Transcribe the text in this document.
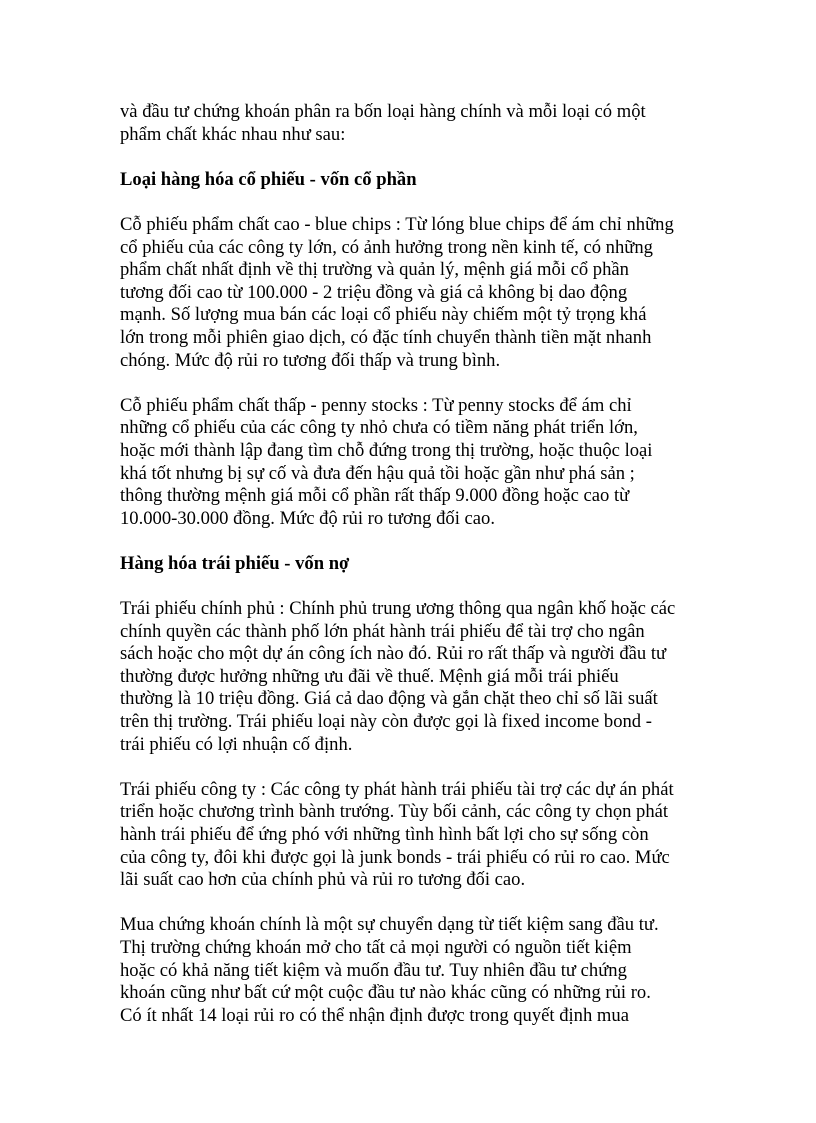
và đầu tư chứng khoán phân ra bốn loại hàng chính và mỗi loại có một
phẩm chất khác nhau như sau:

Loại hàng hóa cổ phiếu - vốn cổ phần

Cỗ phiếu phẩm chất cao - blue chips : Từ lóng blue chips để ám chỉ những
cổ phiếu của các công ty lớn, có ảnh hưởng trong nền kinh tế, có những
phẩm chất nhất định về thị trường và quản lý, mệnh giá mỗi cổ phần
tương đối cao từ 100.000 - 2 triệu đồng và giá cả không bị dao động
mạnh. Số lượng mua bán các loại cổ phiếu này chiếm một tỷ trọng khá
lớn trong mỗi phiên giao dịch, có đặc tính chuyển thành tiền mặt nhanh
chóng. Mức độ rủi ro tương đối thấp và trung bình.

Cỗ phiếu phẩm chất thấp - penny stocks : Từ penny stocks để ám chỉ
những cổ phiếu của các công ty nhỏ chưa có tiềm năng phát triển lớn,
hoặc mới thành lập đang tìm chỗ đứng trong thị trường, hoặc thuộc loại
khá tốt nhưng bị sự cố và đưa đến hậu quả tồi hoặc gần như phá sản ;
thông thường mệnh giá mỗi cổ phần rất thấp 9.000 đồng hoặc cao từ
10.000-30.000 đồng. Mức độ rủi ro tương đối cao.

Hàng hóa trái phiếu - vốn nợ

Trái phiếu chính phủ : Chính phủ trung ương thông qua ngân khố hoặc các
chính quyền các thành phố lớn phát hành trái phiếu để tài trợ cho ngân
sách hoặc cho một dự án công ích nào đó. Rủi ro rất thấp và người đầu tư
thường được hưởng những ưu đãi về thuế. Mệnh giá mỗi trái phiếu
thường là 10 triệu đồng. Giá cả dao động và gắn chặt theo chỉ số lãi suất
trên thị trường. Trái phiếu loại này còn được gọi là fixed income bond -
trái phiếu có lợi nhuận cố định.

Trái phiếu công ty : Các công ty phát hành trái phiếu tài trợ các dự án phát
triển hoặc chương trình bành trướng. Tùy bối cảnh, các công ty chọn phát
hành trái phiếu để ứng phó với những tình hình bất lợi cho sự sống còn
của công ty, đôi khi được gọi là junk bonds - trái phiếu có rủi ro cao. Mức
lãi suất cao hơn của chính phủ và rủi ro tương đối cao.

Mua chứng khoán chính là một sự chuyển dạng từ tiết kiệm sang đầu tư.
Thị trường chứng khoán mở cho tất cả mọi người có nguồn tiết kiệm
hoặc có khả năng tiết kiệm và muốn đầu tư. Tuy nhiên đầu tư chứng
khoán cũng như bất cứ một cuộc đầu tư nào khác cũng có những rủi ro.
Có ít nhất 14 loại rủi ro có thể nhận định được trong quyết định mua
